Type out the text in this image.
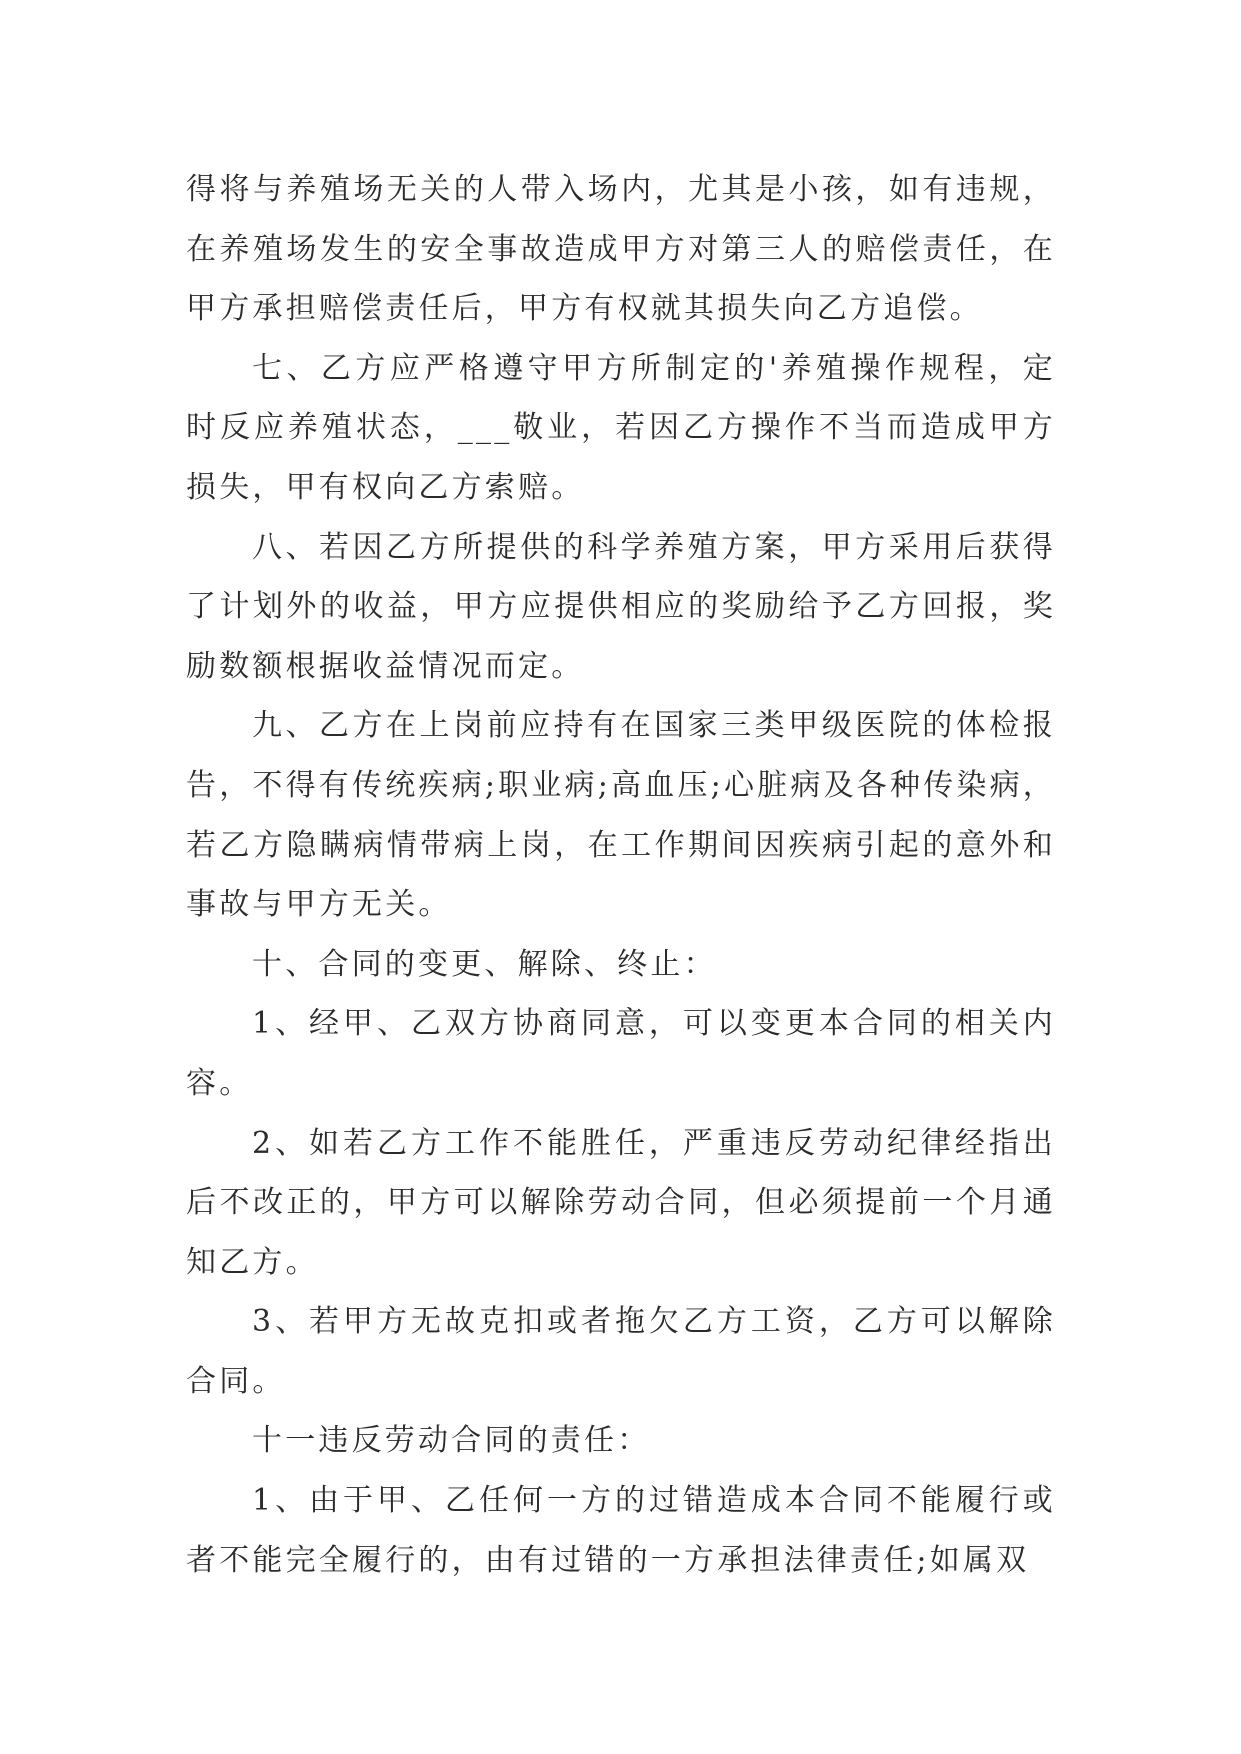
得将与养殖场无关的人带入场内，尤其是小孩，如有违规，在养殖场发生的安全事故造成甲方对第三人的赔偿责任，在甲方承担赔偿责任后，甲方有权就其损失向乙方追偿。

七、乙方应严格遵守甲方所制定的'养殖操作规程，定时反应养殖状态，___敬业，若因乙方操作不当而造成甲方损失，甲有权向乙方索赔。

八、若因乙方所提供的科学养殖方案，甲方采用后获得了计划外的收益，甲方应提供相应的奖励给予乙方回报，奖励数额根据收益情况而定。

九、乙方在上岗前应持有在国家三类甲级医院的体检报告，不得有传统疾病;职业病;高血压;心脏病及各种传染病，若乙方隐瞒病情带病上岗，在工作期间因疾病引起的意外和事故与甲方无关。

十、合同的变更、解除、终止：

1、经甲、乙双方协商同意，可以变更本合同的相关内容。

2、如若乙方工作不能胜任，严重违反劳动纪律经指出后不改正的，甲方可以解除劳动合同，但必须提前一个月通知乙方。

3、若甲方无故克扣或者拖欠乙方工资，乙方可以解除合同。

十一违反劳动合同的责任：

1、由于甲、乙任何一方的过错造成本合同不能履行或者不能完全履行的，由有过错的一方承担法律责任;如属双
